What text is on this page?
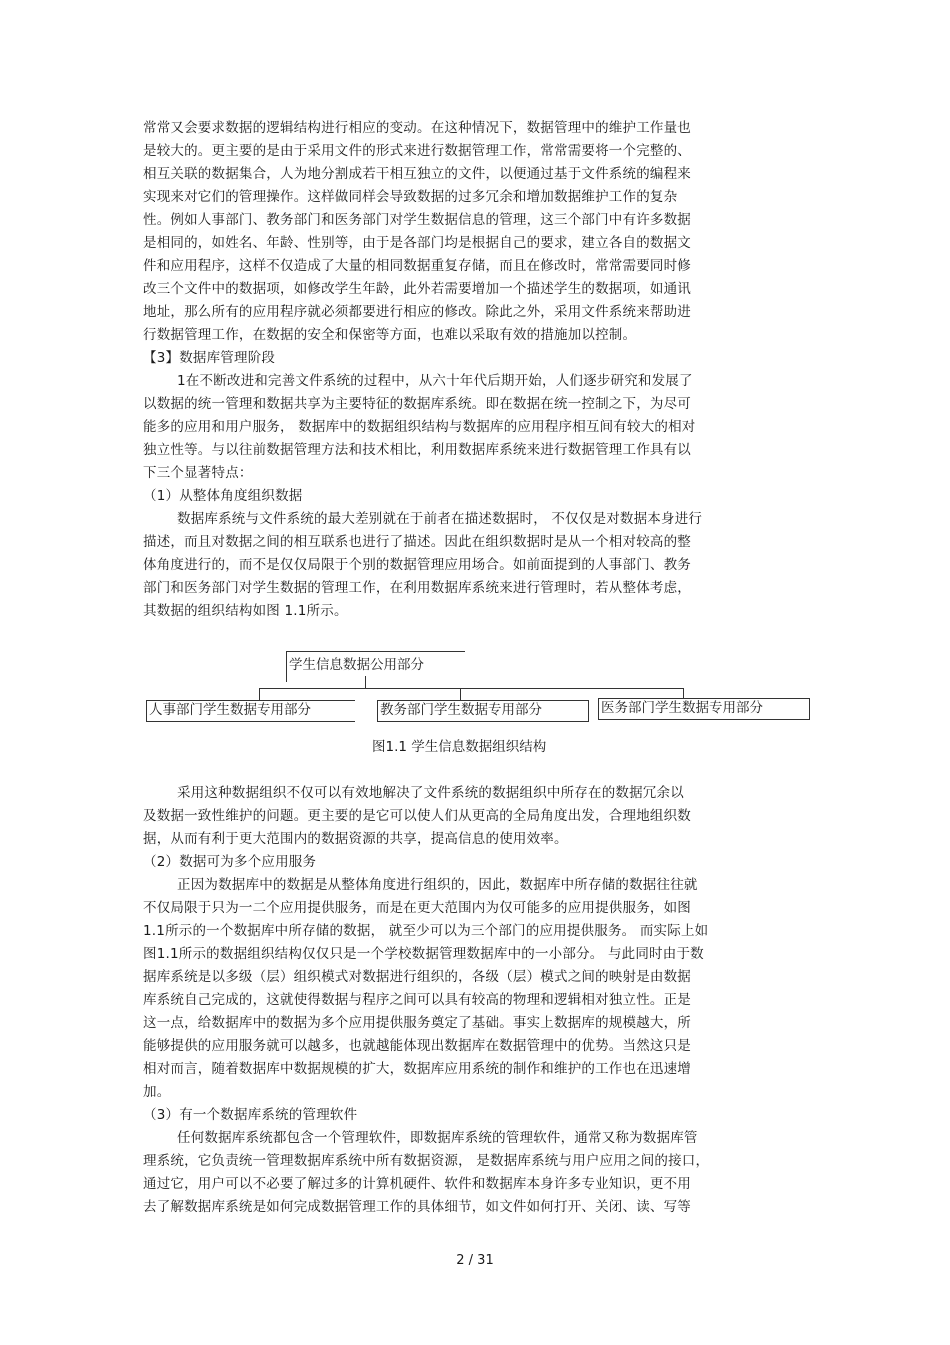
常常又会要求数据的逻辑结构进行相应的变动。在这种情况下，数据管理中的维护工作量也
是较大的。更主要的是由于采用文件的形式来进行数据管理工作，常常需要将一个完整的、
相互关联的数据集合，人为地分割成若干相互独立的文件，以便通过基于文件系统的编程来
实现来对它们的管理操作。这样做同样会导致数据的过多冗余和增加数据维护工作的复杂
性。例如人事部门、教务部门和医务部门对学生数据信息的管理，这三个部门中有许多数据
是相同的，如姓名、年龄、性别等，由于是各部门均是根据自己的要求，建立各自的数据文
件和应用程序，这样不仅造成了大量的相同数据重复存储，而且在修改时，常常需要同时修
改三个文件中的数据项，如修改学生年龄，此外若需要增加一个描述学生的数据项，如通讯
地址，那么所有的应用程序就必须都要进行相应的修改。除此之外，采用文件系统来帮助进
行数据管理工作，在数据的安全和保密等方面，也难以采取有效的措施加以控制。
【3】数据库管理阶段
1在不断改进和完善文件系统的过程中，从六十年代后期开始，人们逐步研究和发展了
以数据的统一管理和数据共享为主要特征的数据库系统。即在数据在统一控制之下，为尽可
能多的应用和用户服务， 数据库中的数据组织结构与数据库的应用程序相互间有较大的相对
独立性等。与以往前数据管理方法和技术相比，利用数据库系统来进行数据管理工作具有以
下三个显著特点：
（1）从整体角度组织数据
数据库系统与文件系统的最大差别就在于前者在描述数据时， 不仅仅是对数据本身进行
描述，而且对数据之间的相互联系也进行了描述。因此在组织数据时是从一个相对较高的整
体角度进行的，而不是仅仅局限于个别的数据管理应用场合。如前面提到的人事部门、教务
部门和医务部门对学生数据的管理工作，在利用数据库系统来进行管理时，若从整体考虑，
其数据的组织结构如图 1.1所示。
学生信息数据公用部分
人事部门学生数据专用部分	教务部门学生数据专用部分	医务部门学生数据专用部分
图1.1 学生信息数据组织结构
采用这种数据组织不仅可以有效地解决了文件系统的数据组织中所存在的数据冗余以
及数据一致性维护的问题。更主要的是它可以使人们从更高的全局角度出发，合理地组织数
据，从而有利于更大范围内的数据资源的共享，提高信息的使用效率。
（2）数据可为多个应用服务
正因为数据库中的数据是从整体角度进行组织的，因此，数据库中所存储的数据往往就
不仅局限于只为一二个应用提供服务，而是在更大范围内为仅可能多的应用提供服务，如图
1.1所示的一个数据库中所存储的数据， 就至少可以为三个部门的应用提供服务。 而实际上如
图1.1所示的数据组织结构仅仅只是一个学校数据管理数据库中的一小部分。 与此同时由于数
据库系统是以多级（层）组织模式对数据进行组织的，各级（层）模式之间的映射是由数据
库系统自己完成的，这就使得数据与程序之间可以具有较高的物理和逻辑相对独立性。正是
这一点，给数据库中的数据为多个应用提供服务奠定了基础。事实上数据库的规模越大，所
能够提供的应用服务就可以越多，也就越能体现出数据库在数据管理中的优势。当然这只是
相对而言，随着数据库中数据规模的扩大，数据库应用系统的制作和维护的工作也在迅速增
加。
（3）有一个数据库系统的管理软件
任何数据库系统都包含一个管理软件，即数据库系统的管理软件，通常又称为数据库管
理系统，它负责统一管理数据库系统中所有数据资源， 是数据库系统与用户应用之间的接口，
通过它，用户可以不必要了解过多的计算机硬件、软件和数据库本身许多专业知识，更不用
去了解数据库系统是如何完成数据管理工作的具体细节，如文件如何打开、关闭、读、写等
2 / 31
